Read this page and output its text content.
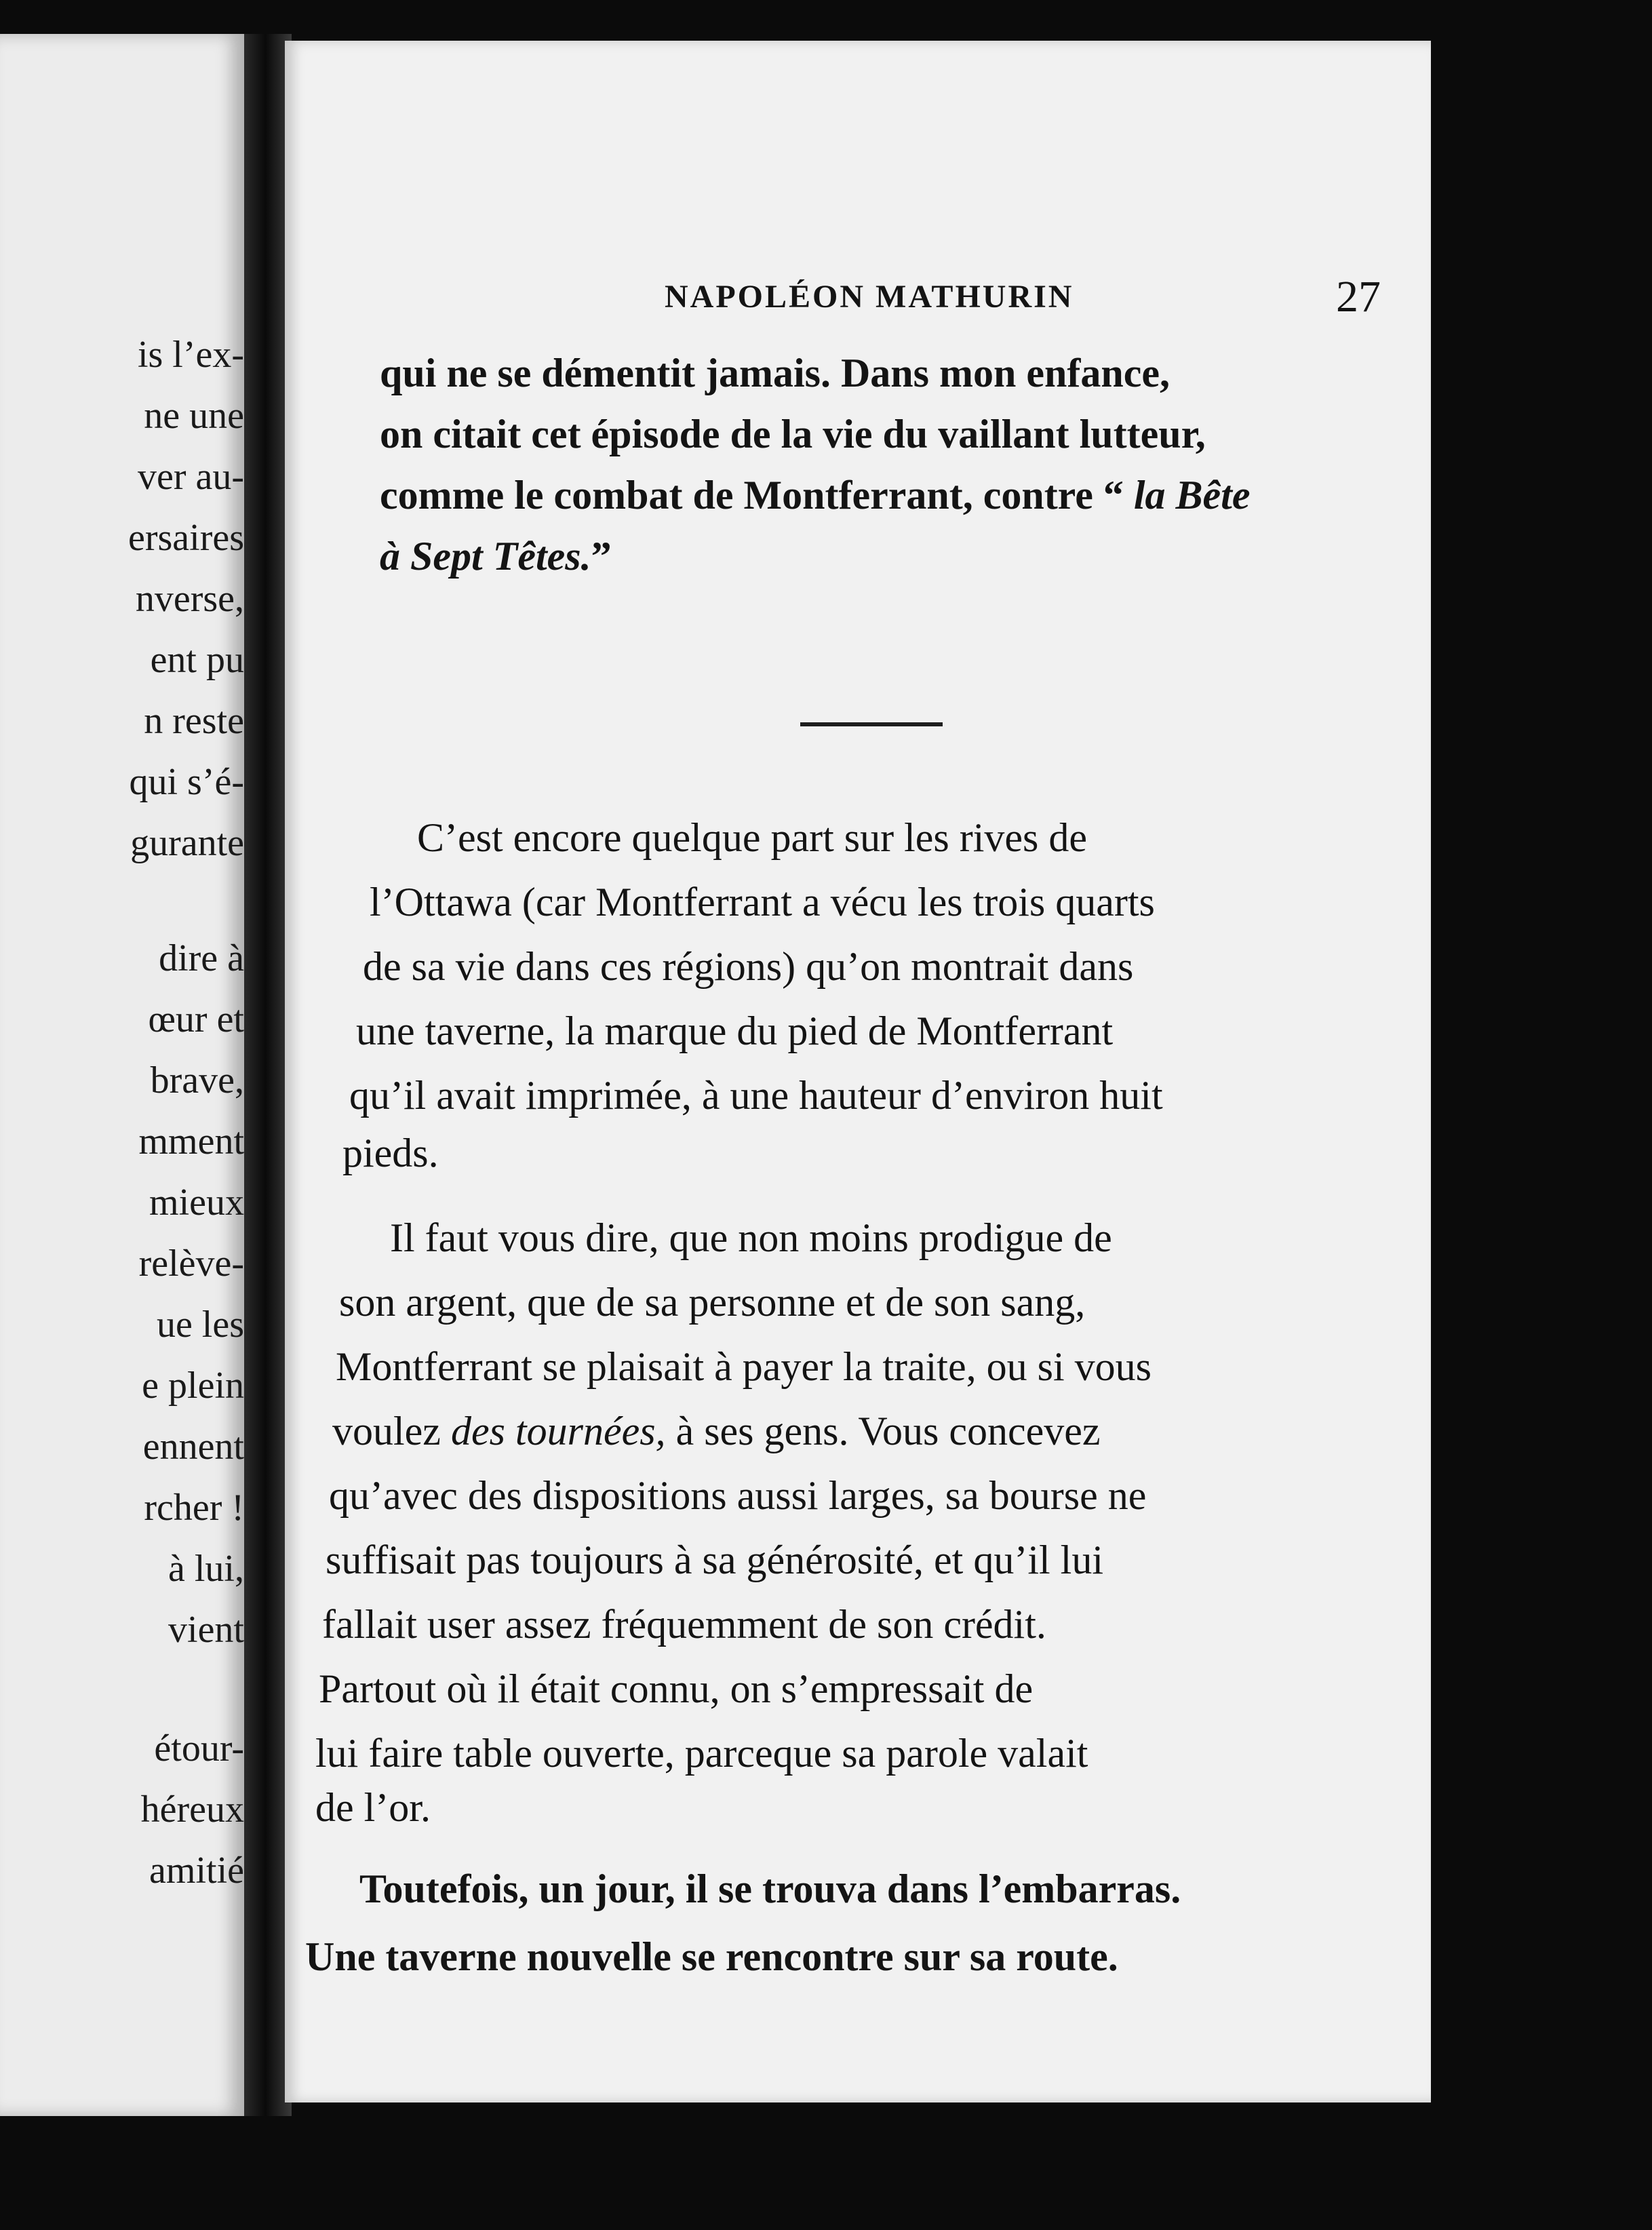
is l’ex-
ne une
ver au-
ersaires
nverse,
ent pu
n reste
qui s’é-
gurante
dire à
œur et
brave,
mment
mieux
relève-
ue les
e plein
ennent
rcher !
à lui,
vient
étour-
héreux
amitié
NAPOLÉON MATHURIN	27
qui ne se démentit jamais. Dans mon enfance,
on citait cet épisode de la vie du vaillant lutteur,
comme le combat de Montferrant, contre “ la Bête
à Sept Têtes.”
C’est encore quelque part sur les rives de
l’Ottawa (car Montferrant a vécu les trois quarts
de sa vie dans ces régions) qu’on montrait dans
une taverne, la marque du pied de Montferrant
qu’il avait imprimée, à une hauteur d’environ huit
pieds.
Il faut vous dire, que non moins prodigue de
son argent, que de sa personne et de son sang,
Montferrant se plaisait à payer la traite, ou si vous
voulez des tournées, à ses gens. Vous concevez
qu’avec des dispositions aussi larges, sa bourse ne
suffisait pas toujours à sa générosité, et qu’il lui
fallait user assez fréquemment de son crédit.
Partout où il était connu, on s’empressait de
lui faire table ouverte, parceque sa parole valait
de l’or.
Toutefois, un jour, il se trouva dans l’embarras.
Une taverne nouvelle se rencontre sur sa route.
